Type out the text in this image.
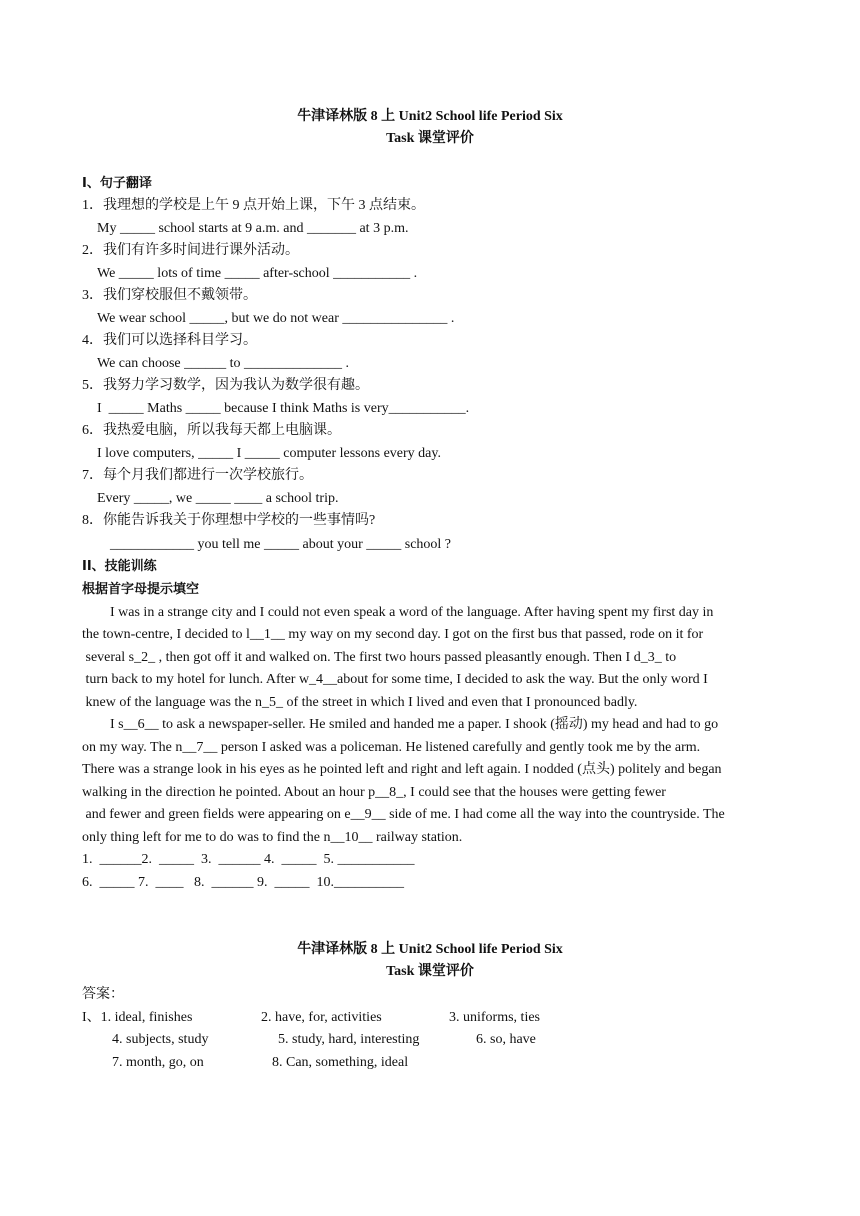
牛津译林版 8 上 Unit2 School life Period Six
Task 课堂评价
I、句子翻译
1．我理想的学校是上午 9 点开始上课，下午 3 点结束。
My _____ school starts at 9 a.m. and _______ at 3 p.m.
2．我们有许多时间进行课外活动。
We _____ lots of time _____ after-school ___________ .
3．我们穿校服但不戴领带。
We wear school _____, but we do not wear _______________ .
4．我们可以选择科目学习。
We can choose ______ to ______________ .
5．我努力学习数学，因为我认为数学很有趣。
I  _____ Maths _____ because I think Maths is very___________.
6．我热爱电脑，所以我每天都上电脑课。
I love computers, _____ I _____ computer lessons every day.
7．每个月我们都进行一次学校旅行。
Every _____, we _____ ____ a school trip.
8．你能告诉我关于你理想中学校的一些事情吗?
____________ you tell me _____ about your _____ school ?
II、技能训练
根据首字母提示填空
I was in a strange city and I could not even speak a word of the language. After having spent my first day in
the town-centre, I decided to l__1__ my way on my second day. I got on the first bus that passed, rode on it for
several s_2_ , then got off it and walked on. The first two hours passed pleasantly enough. Then I d_3_ to
turn back to my hotel for lunch. After w_4__about for some time, I decided to ask the way. But the only word I
knew of the language was the n_5_ of the street in which I lived and even that I pronounced badly.
I s__6__ to ask a newspaper-seller. He smiled and handed me a paper. I shook (摇动) my head and had to go
on my way. The n__7__ person I asked was a policeman. He listened carefully and gently took me by the arm.
There was a strange look in his eyes as he pointed left and right and left again. I nodded (点头) politely and began
walking in the direction he pointed. About an hour p__8_, I could see that the houses were getting fewer
and fewer and green fields were appearing on e__9__ side of me. I had come all the way into the countryside. The
only thing left for me to do was to find the n__10__ railway station.
1.  ______2.  _____  3.  ______ 4.  _____  5. ___________
6.  _____ 7.  ____   8.  ______ 9.  _____  10.__________
牛津译林版 8 上 Unit2 School life Period Six
Task 课堂评价
答案：
I、1. ideal, finishes	2. have, for, activities	3. uniforms, ties
4. subjects, study	5. study, hard, interesting	6. so, have
7. month, go, on	8. Can, something, ideal
